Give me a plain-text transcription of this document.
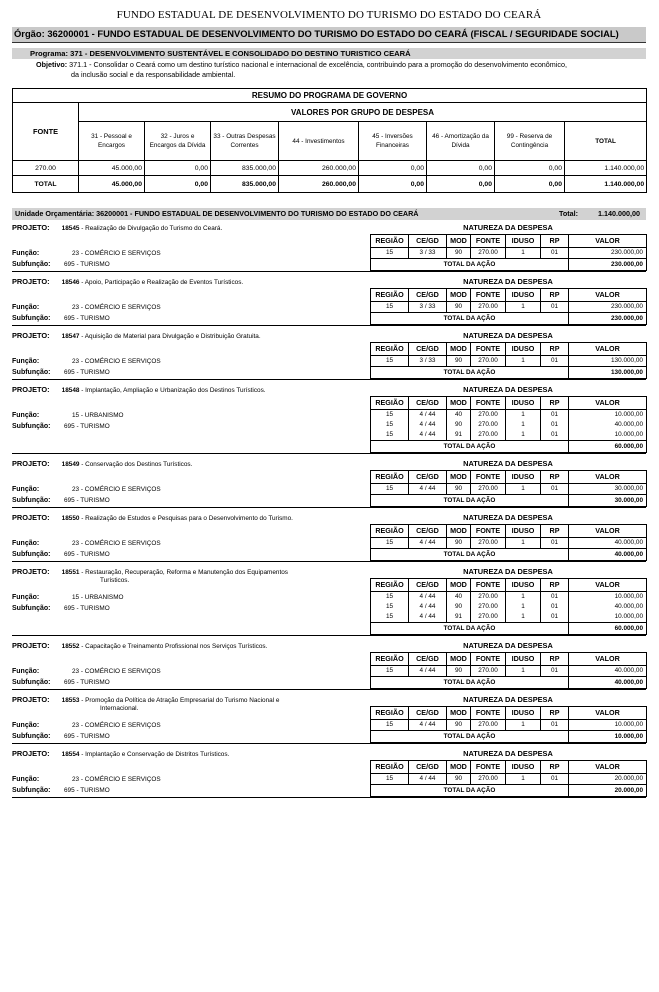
FUNDO ESTADUAL DE DESENVOLVIMENTO DO TURISMO DO ESTADO DO CEARÁ
Órgão: 36200001 - FUNDO ESTADUAL DE DESENVOLVIMENTO DO TURISMO DO ESTADO DO CEARÁ (FISCAL / SEGURIDADE SOCIAL)
Programa: 371 - DESENVOLVIMENTO SUSTENTÁVEL E CONSOLIDADO DO DESTINO TURISTICO CEARÁ
Objetivo: 371.1 - Consolidar o Ceará como um destino turístico nacional e internacional de excelência, contribuindo para a promoção do desenvolvimento econômico,
da inclusão social e da responsabilidade ambiental.
RESUMO DO PROGRAMA DE GOVERNO								
FONTE	VALORES POR GRUPO DE DESPESA							
	31 - Pessoal e Encargos	32 - Juros e Encargos da Dívida	33 - Outras Despesas Correntes	44 - Investimentos	45 - Inversões Financeiras	46 - Amortização da Dívida	99 - Reserva de Contingência	TOTAL
270.00	45.000,00	0,00	835.000,00	260.000,00	0,00	0,00	0,00	1.140.000,00
TOTAL	45.000,00	0,00	835.000,00	260.000,00	0,00	0,00	0,00	1.140.000,00
Unidade Orçamentária: 36200001 - FUNDO ESTADUAL DE DESENVOLVIMENTO DO TURISMO DO ESTADO DO CEARÁ	Total:	1.140.000,00
PROJETO: 18545 - Realização de Divulgação do Turismo do Ceará.
Função:	23 - COMÉRCIO E SERVIÇOS
Subfunção: 695 - TURISMO
NATUREZA DA DESPESA
REGIÃO	CE/GD	MOD	FONTE	IDUSO	RP	VALOR
15	3 / 33	90	270.00	1	01	230.000,00
TOTAL DA AÇÃO						230.000,00
PROJETO: 18546 - Apoio, Participação e Realização de Eventos Turísticos.
Função:	23 - COMÉRCIO E SERVIÇOS
Subfunção: 695 - TURISMO
NATUREZA DA DESPESA
REGIÃO	CE/GD	MOD	FONTE	IDUSO	RP	VALOR
15	3 / 33	90	270.00	1	01	230.000,00
TOTAL DA AÇÃO						230.000,00
PROJETO: 18547 - Aquisição de Material para Divulgação e Distribuição Gratuita.
Função:	23 - COMÉRCIO E SERVIÇOS
Subfunção: 695 - TURISMO
NATUREZA DA DESPESA
REGIÃO	CE/GD	MOD	FONTE	IDUSO	RP	VALOR
15	3 / 33	90	270.00	1	01	130.000,00
TOTAL DA AÇÃO						130.000,00
PROJETO: 18548 - Implantação, Ampliação e Urbanização dos Destinos Turísticos.
Função:	15 - URBANISMO
Subfunção: 695 - TURISMO
NATUREZA DA DESPESA
REGIÃO	CE/GD	MOD	FONTE	IDUSO	RP	VALOR
15	4 / 44	40	270.00	1	01	10.000,00
15	4 / 44	90	270.00	1	01	40.000,00
15	4 / 44	91	270.00	1	01	10.000,00
TOTAL DA AÇÃO						60.000,00
PROJETO: 18549 - Conservação dos Destinos Turísticos.
Função:	23 - COMÉRCIO E SERVIÇOS
Subfunção: 695 - TURISMO
NATUREZA DA DESPESA
REGIÃO	CE/GD	MOD	FONTE	IDUSO	RP	VALOR
15	4 / 44	90	270.00	1	01	30.000,00
TOTAL DA AÇÃO						30.000,00
PROJETO: 18550 - Realização de Estudos e Pesquisas para o Desenvolvimento do Turismo.
Função:	23 - COMÉRCIO E SERVIÇOS
Subfunção: 695 - TURISMO
NATUREZA DA DESPESA
REGIÃO	CE/GD	MOD	FONTE	IDUSO	RP	VALOR
15	4 / 44	90	270.00	1	01	40.000,00
TOTAL DA AÇÃO						40.000,00
PROJETO: 18551 - Restauração, Recuperação, Reforma e Manutenção dos Equipamentos
Turísticos.
Função:	15 - URBANISMO
Subfunção: 695 - TURISMO
NATUREZA DA DESPESA
REGIÃO	CE/GD	MOD	FONTE	IDUSO	RP	VALOR
15	4 / 44	40	270.00	1	01	10.000,00
15	4 / 44	90	270.00	1	01	40.000,00
15	4 / 44	91	270.00	1	01	10.000,00
TOTAL DA AÇÃO						60.000,00
PROJETO: 18552 - Capacitação e Treinamento Profissional nos Serviços Turísticos.
Função:	23 - COMÉRCIO E SERVIÇOS
Subfunção: 695 - TURISMO
NATUREZA DA DESPESA
REGIÃO	CE/GD	MOD	FONTE	IDUSO	RP	VALOR
15	4 / 44	90	270.00	1	01	40.000,00
TOTAL DA AÇÃO						40.000,00
PROJETO: 18553 - Promoção da Política de Atração Empresarial do Turismo Nacional e
Internacional.
Função:	23 - COMÉRCIO E SERVIÇOS
Subfunção: 695 - TURISMO
NATUREZA DA DESPESA
REGIÃO	CE/GD	MOD	FONTE	IDUSO	RP	VALOR
15	4 / 44	90	270.00	1	01	10.000,00
TOTAL DA AÇÃO						10.000,00
PROJETO: 18554 - Implantação e Conservação de Distritos Turísticos.
Função:	23 - COMÉRCIO E SERVIÇOS
Subfunção: 695 - TURISMO
NATUREZA DA DESPESA
REGIÃO	CE/GD	MOD	FONTE	IDUSO	RP	VALOR
15	4 / 44	90	270.00	1	01	20.000,00
TOTAL DA AÇÃO						20.000,00
